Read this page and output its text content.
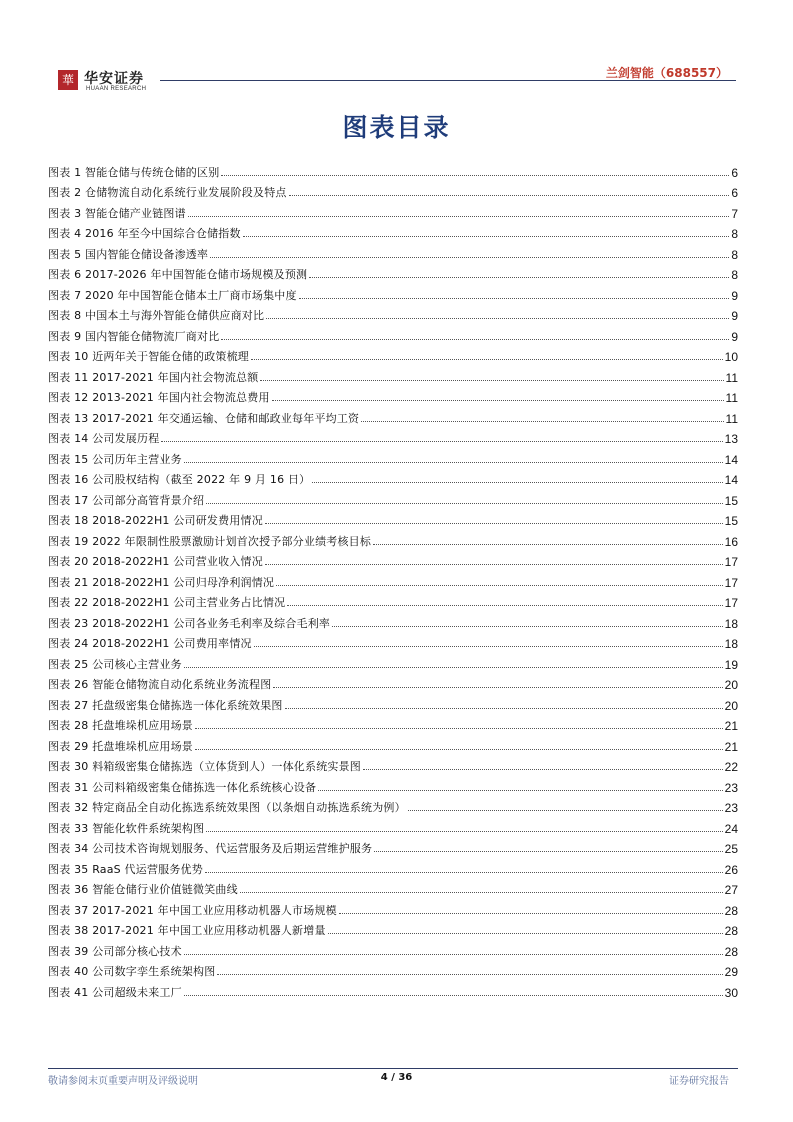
華 华安证券
HUAAN RESEARCH
兰剑智能（688557）
图表目录
图表 1 智能仓储与传统仓储的区别	6
图表 2 仓储物流自动化系统行业发展阶段及特点	6
图表 3 智能仓储产业链图谱	7
图表 4 2016 年至今中国综合仓储指数	8
图表 5 国内智能仓储设备渗透率	8
图表 6 2017-2026 年中国智能仓储市场规模及预测	8
图表 7 2020 年中国智能仓储本土厂商市场集中度	9
图表 8 中国本土与海外智能仓储供应商对比	9
图表 9 国内智能仓储物流厂商对比	9
图表 10 近两年关于智能仓储的政策梳理	10
图表 11 2017-2021 年国内社会物流总额	11
图表 12 2013-2021 年国内社会物流总费用	11
图表 13 2017-2021 年交通运输、仓储和邮政业每年平均工资	11
图表 14 公司发展历程	13
图表 15 公司历年主营业务	14
图表 16 公司股权结构（截至 2022 年 9 月 16 日）	14
图表 17 公司部分高管背景介绍	15
图表 18 2018-2022H1 公司研发费用情况	15
图表 19 2022 年限制性股票激励计划首次授予部分业绩考核目标	16
图表 20 2018-2022H1 公司营业收入情况	17
图表 21 2018-2022H1 公司归母净利润情况	17
图表 22 2018-2022H1 公司主营业务占比情况	17
图表 23 2018-2022H1 公司各业务毛利率及综合毛利率	18
图表 24 2018-2022H1 公司费用率情况	18
图表 25 公司核心主营业务	19
图表 26 智能仓储物流自动化系统业务流程图	20
图表 27 托盘级密集仓储拣选一体化系统效果图	20
图表 28 托盘堆垛机应用场景	21
图表 29 托盘堆垛机应用场景	21
图表 30 料箱级密集仓储拣选（立体货到人）一体化系统实景图	22
图表 31 公司料箱级密集仓储拣选一体化系统核心设备	23
图表 32 特定商品全自动化拣选系统效果图（以条烟自动拣选系统为例）	23
图表 33 智能化软件系统架构图	24
图表 34 公司技术咨询规划服务、代运营服务及后期运营维护服务	25
图表 35 RaaS 代运营服务优势	26
图表 36 智能仓储行业价值链微笑曲线	27
图表 37 2017-2021 年中国工业应用移动机器人市场规模	28
图表 38 2017-2021 年中国工业应用移动机器人新增量	28
图表 39 公司部分核心技术	28
图表 40 公司数字孪生系统架构图	29
图表 41 公司超级未来工厂	30
敬请参阅末页重要声明及评级说明	4 / 36	证券研究报告
